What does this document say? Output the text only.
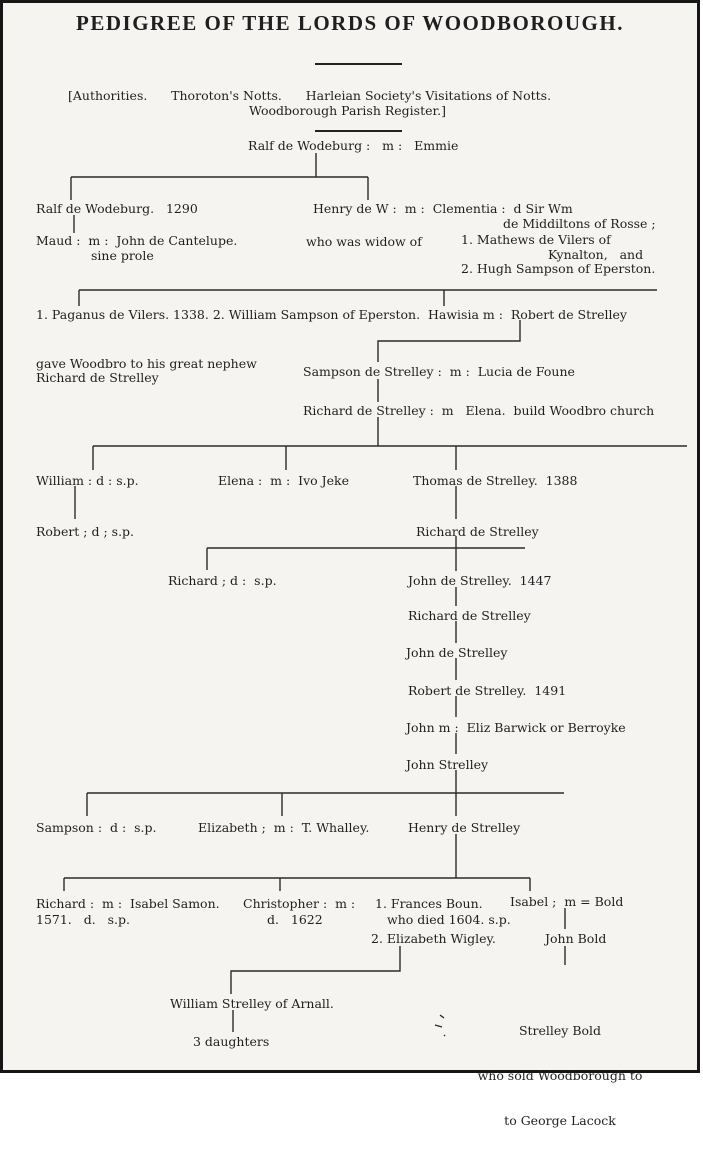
PEDIGREE OF THE LORDS OF WOODBOROUGH.
[Authorities.      Thoroton's Notts.      Harleian Society's Visitations of Notts.
Woodborough Parish Register.]
Ralf de Wodeburg :   m :   Emmie
Ralf de Wodeburg.   1290	Henry de W :  m :  Clementia :  d Sir Wm
de Middiltons of Rosse ;
Maud :  m :  John de Cantelupe.
sine prole
who was widow of	1. Mathews de Vilers of
Kynalton,   and
2. Hugh Sampson of Eperston.
1. Paganus de Vilers. 1338. 2. William Sampson of Eperston.  Hawisia m :  Robert de Strelley
gave Woodbro to his great nephew
Richard de Strelley	Sampson de Strelley :  m :  Lucia de Foune
Richard de Strelley :  m   Elena.  build Woodbro church
William : d : s.p.	Elena :  m :  Ivo Jeke	Thomas de Strelley.  1388
Robert ; d ; s.p.	Richard de Strelley
Richard ; d :  s.p.	John de Strelley.  1447
Richard de Strelley
John de Strelley
Robert de Strelley.  1491
John m :  Eliz Barwick or Berroyke
John Strelley
Sampson :  d :  s.p.	Elizabeth ;  m :  T. Whalley.	Henry de Strelley
Richard :  m :  Isabel Samon.
1571.   d.   s.p.
Christopher :  m :
d.   1622
1. Frances Boun.
who died 1604. s.p.
Isabel ;  m = Bold
2. Elizabeth Wigley.	John Bold
William Strelley of Arnall.
3 daughters

Strelley Bold

who sold Woodborough to

to George Lacock
